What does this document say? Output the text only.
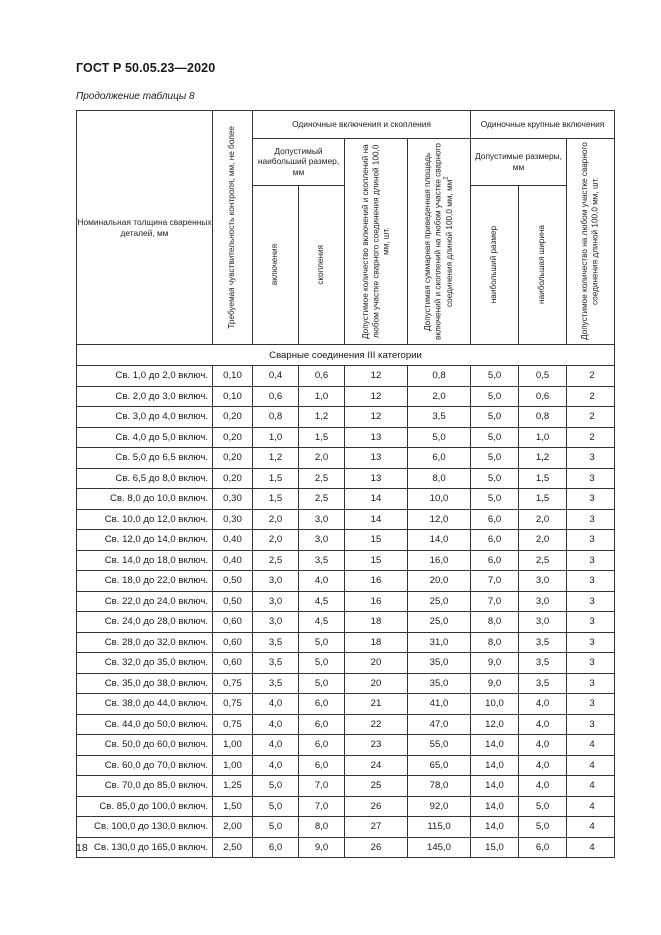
ГОСТ Р 50.05.23—2020
Продолжение таблицы 8
Номинальная толщина сваренных деталей, мм	Требуемая чувствительность контроля, мм, не более	Одиночные включения и скопления				Одиночные крупные включения		
		Допустимый наибольший размер, мм		Допустимое количество включений и скоплений на любом участке сварного соединения длиной 100,0 мм, шт.	Допустимая суммарная приведенная площадь включений и скоплений на любом участке сварного соединения длиной 100,0 мм, $мм^2$	Допустимые размеры, мм		Допустимое количество на любом участке сварного соединения длиной 100,0 мм, шт.

		включения	скопления			наибольший размер	наибольшая ширина	

Сварные соединения III категории								
Св. 1,0 до 2,0 включ.	0,10	0,4	0,6	12	0,8	5,0	0,5	2
Св. 2,0 до 3,0 включ.	0,10	0,6	1,0	12	2,0	5,0	0,6	2
Св. 3,0 до 4,0 включ.	0,20	0,8	1,2	12	3,5	5,0	0,8	2
Св. 4,0 до 5,0 включ.	0,20	1,0	1,5	13	5,0	5,0	1,0	2
Св. 5,0 до 6,5 включ.	0,20	1,2	2,0	13	6,0	5,0	1,2	3
Св. 6,5 до 8,0 включ.	0,20	1,5	2,5	13	8,0	5,0	1,5	3
Св. 8,0 до 10,0 включ.	0,30	1,5	2,5	14	10,0	5,0	1,5	3
Св. 10,0 до 12,0 включ.	0,30	2,0	3,0	14	12,0	6,0	2,0	3
Св. 12,0 до 14,0 включ.	0,40	2,0	3,0	15	14,0	6,0	2,0	3
Св. 14,0 до 18,0 включ.	0,40	2,5	3,5	15	16,0	6,0	2,5	3
Св. 18,0 до 22,0 включ.	0,50	3,0	4,0	16	20,0	7,0	3,0	3
Св. 22,0 до 24,0 включ.	0,50	3,0	4,5	16	25,0	7,0	3,0	3
Св. 24,0 до 28,0 включ.	0,60	3,0	4,5	18	25,0	8,0	3,0	3
Св. 28,0 до 32,0 включ.	0,60	3,5	5,0	18	31,0	8,0	3,5	3
Св. 32,0 до 35,0 включ.	0,60	3,5	5,0	20	35,0	9,0	3,5	3
Св. 35,0 до 38,0 включ.	0,75	3,5	5,0	20	35,0	9,0	3,5	3
Св. 38,0 до 44,0 включ.	0,75	4,0	6,0	21	41,0	10,0	4,0	3
Св. 44,0 до 50,0 включ.	0,75	4,0	6,0	22	47,0	12,0	4,0	3
Св. 50,0 до 60,0 включ.	1,00	4,0	6,0	23	55,0	14,0	4,0	4
Св. 60,0 до 70,0 включ.	1,00	4,0	6,0	24	65,0	14,0	4,0	4
Св. 70,0 до 85,0 включ.	1,25	5,0	7,0	25	78,0	14,0	4,0	4
Св. 85,0 до 100,0 включ.	1,50	5,0	7,0	26	92,0	14,0	5,0	4
Св. 100,0 до 130,0 включ.	2,00	5,0	8,0	27	115,0	14,0	5,0	4
Св. 130,0 до 165,0 включ.	2,50	6,0	9,0	26	145,0	15,0	6,0	4
18
